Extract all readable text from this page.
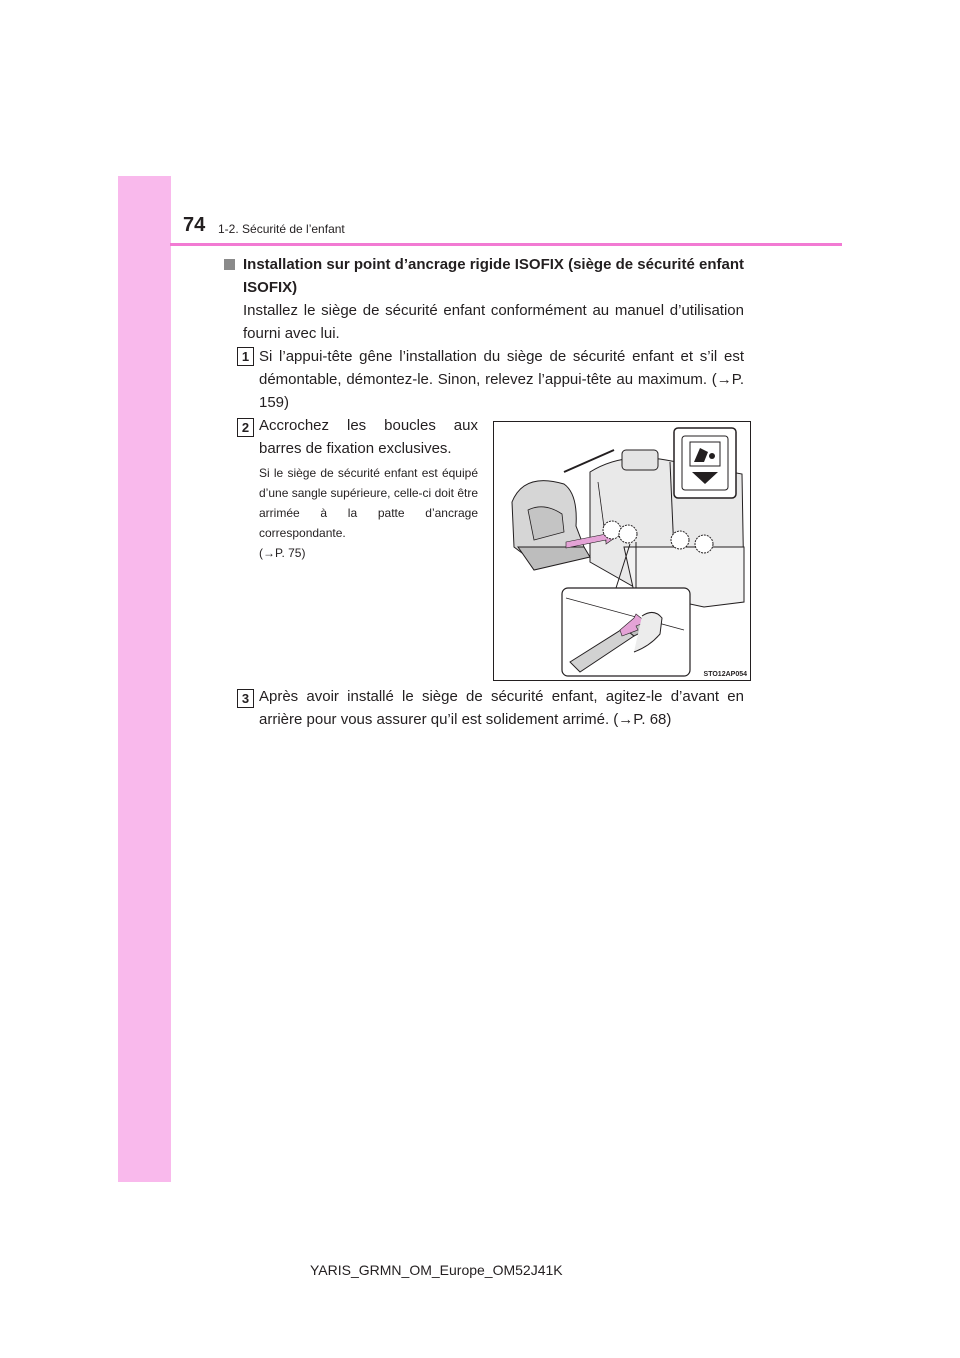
74 1-2. Sécurité de l’enfant
Installation sur point d’ancrage rigide ISOFIX (siège de sécurité enfant ISOFIX)
Installez le siège de sécurité enfant conformément au manuel d’utilisation fourni avec lui.
1 Si l’appui-tête gêne l’installation du siège de sécurité enfant et s’il est démontable, démontez-le. Sinon, relevez l’appui-tête au maximum. (→P. 159)
2 Accrochez les boucles aux barres de fixation exclusives.
Si le siège de sécurité enfant est équipé d’une sangle supérieure, celle-ci doit être arrimée à la patte d’ancrage correspondante.
(→P. 75)
STO12AP054
3 Après avoir installé le siège de sécurité enfant, agitez-le d’avant en arrière pour vous assurer qu’il est solidement arrimé. (→P. 68)
YARIS_GRMN_OM_Europe_OM52J41K
